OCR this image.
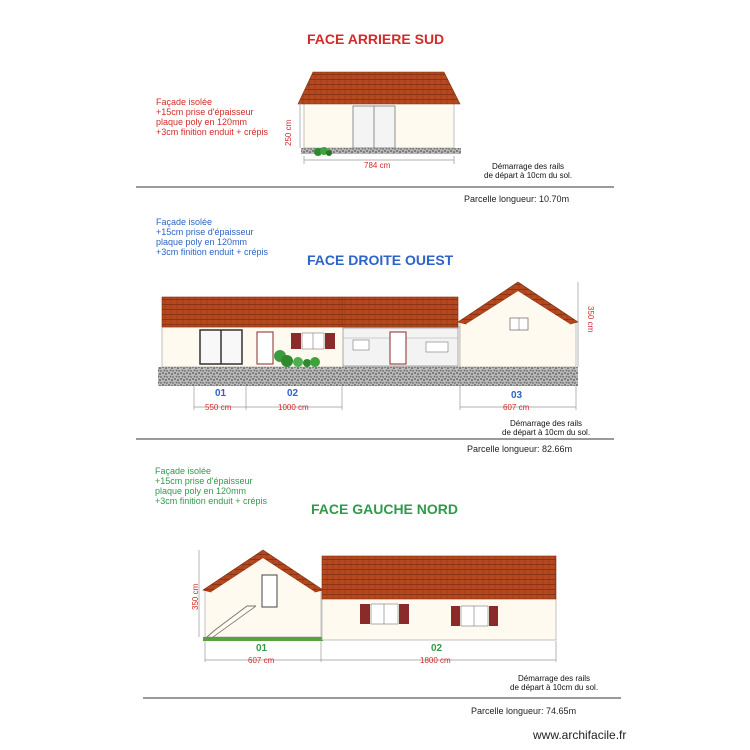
FACE ARRIERE SUD
Façade isolée
+15cm prise d'épaisseur
plaque poly en 120mm
+3cm finition enduit + crépis 250 cm
784 cm	Démarrage des rails
de départ à 10cm du sol.
Parcelle longueur: 10.70m
Façade isolée
+15cm prise d'épaisseur
plaque poly en 120mm
+3cm finition enduit + crépis	FACE DROITE OUEST
350 cm
01	02	03
550 cm	1000 cm	607 cm
Démarrage des rails
de départ à 10cm du sol.
Parcelle longueur: 82.66m
Façade isolée
+15cm prise d'épaisseur
plaque poly en 120mm
+3cm finition enduit + crépis	FACE GAUCHE NORD
350 cm
01	02
607 cm	1800 cm
Démarrage des rails
de départ à 10cm du sol.
Parcelle longueur: 74.65m
www.archifacile.fr
